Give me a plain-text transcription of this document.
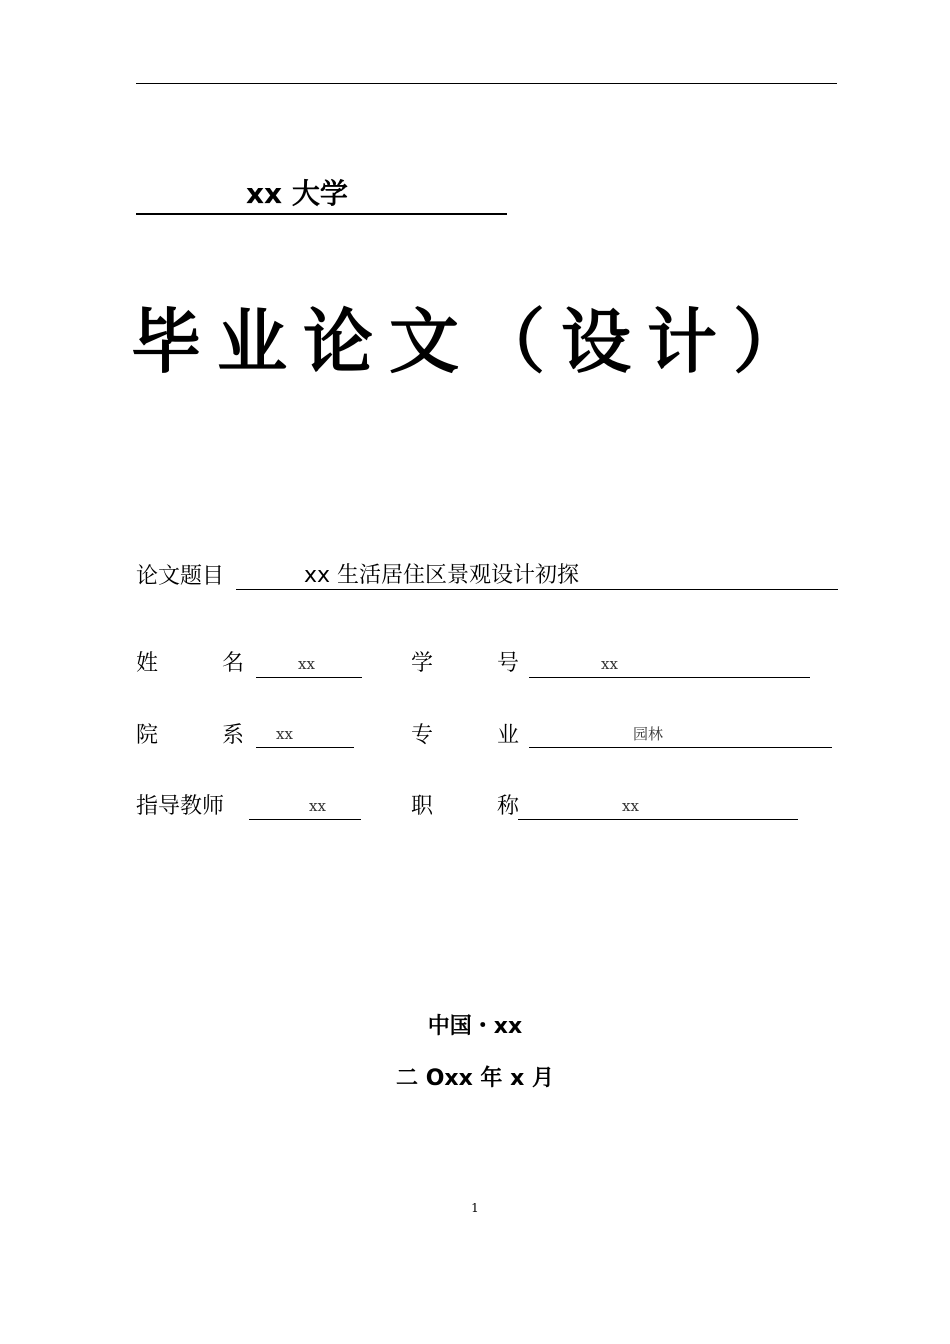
xx 大学
毕业论文（设计）
论文题目	xx 生活居住区景观设计初探
姓	名	xx	学	号	xx
院	系	xx	专	业	园林
指导教师	xx	职	称	xx
中国・xx
二 Oxx 年 x 月
1
